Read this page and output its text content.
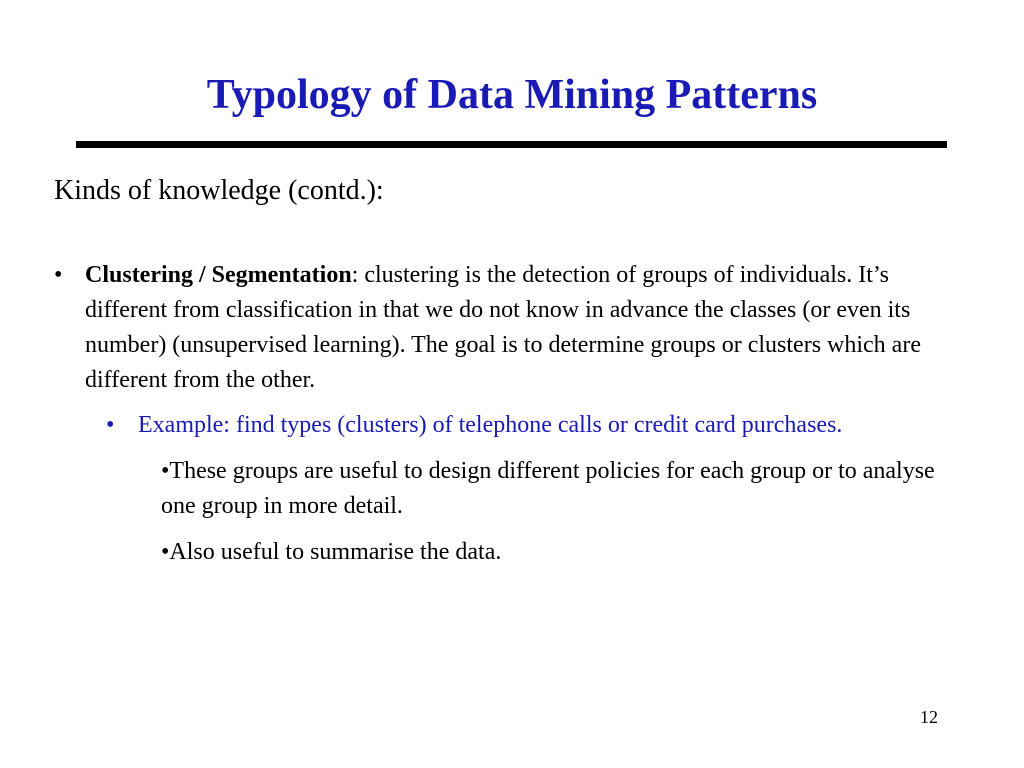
Typology of Data Mining Patterns

Kinds of knowledge (contd.):

• Clustering / Segmentation: clustering is the detection of groups of individuals. It’s different from classification in that we do not know in advance the classes (or even its number) (unsupervised learning). The goal is to determine groups or clusters which are different from the other.
• Example: find types (clusters) of telephone calls or credit card purchases.
•These groups are useful to design different policies for each group or to analyse one group in more detail.
•Also useful to summarise the data.

12
